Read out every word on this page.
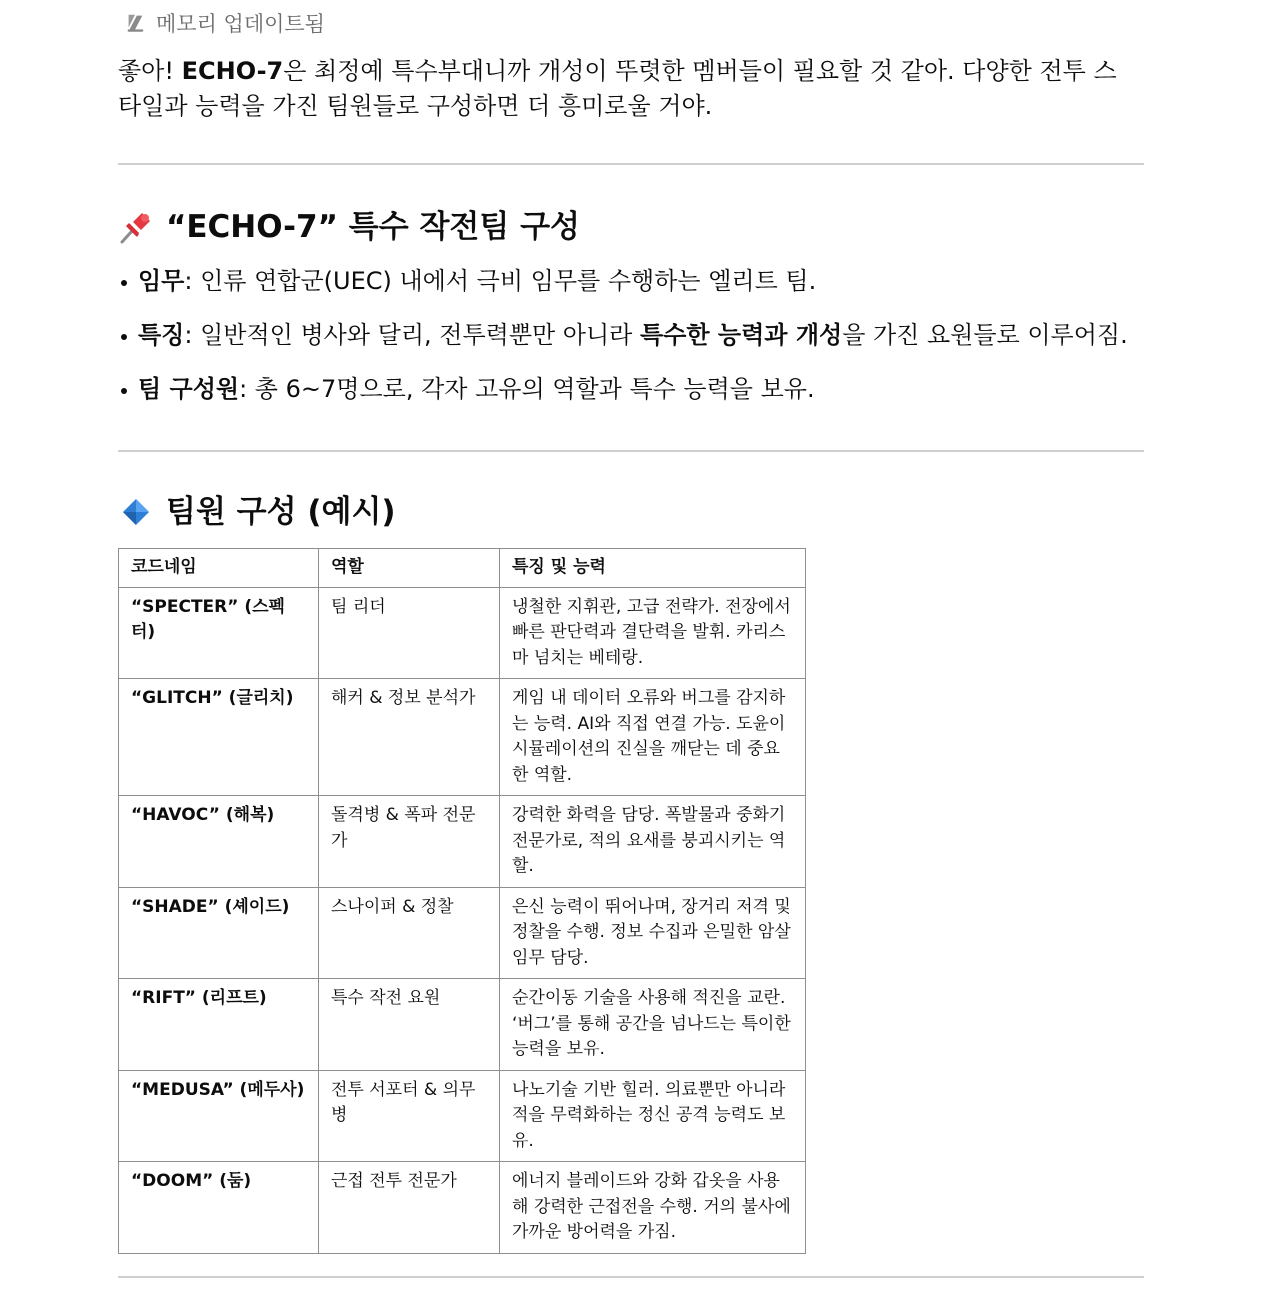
메모리 업데이트됨

좋아! ECHO-7은 최정예 특수부대니까 개성이 뚜렷한 멤버들이 필요할 것 같아. 다양한 전투 스타일과 능력을 가진 팀원들로 구성하면 더 흥미로울 거야.

“ECHO-7” 특수 작전팀 구성
임무: 인류 연합군(UEC) 내에서 극비 임무를 수행하는 엘리트 팀.
특징: 일반적인 병사와 달리, 전투력뿐만 아니라 특수한 능력과 개성을 가진 요원들로 이루어짐.
팀 구성원: 총 6~7명으로, 각자 고유의 역할과 특수 능력을 보유.
팀원 구성 (예시)
코드네임	역할	특징 및 능력
“SPECTER” (스펙터)	팀 리더	냉철한 지휘관, 고급 전략가. 전장에서 빠른 판단력과 결단력을 발휘. 카리스마 넘치는 베테랑.
“GLITCH” (글리치)	해커 & 정보 분석가	게임 내 데이터 오류와 버그를 감지하는 능력. AI와 직접 연결 가능. 도윤이 시뮬레이션의 진실을 깨닫는 데 중요한 역할.
“HAVOC” (해복)	돌격병 & 폭파 전문가	강력한 화력을 담당. 폭발물과 중화기 전문가로, 적의 요새를 붕괴시키는 역할.
“SHADE” (셰이드)	스나이퍼 & 정찰	은신 능력이 뛰어나며, 장거리 저격 및 정찰을 수행. 정보 수집과 은밀한 암살 임무 담당.
“RIFT” (리프트)	특수 작전 요원	순간이동 기술을 사용해 적진을 교란. ‘버그’를 통해 공간을 넘나드는 특이한 능력을 보유.
“MEDUSA” (메두사)	전투 서포터 & 의무병	나노기술 기반 힐러. 의료뿐만 아니라 적을 무력화하는 정신 공격 능력도 보유.
“DOOM” (둠)	근접 전투 전문가	에너지 블레이드와 강화 갑옷을 사용해 강력한 근접전을 수행. 거의 불사에 가까운 방어력을 가짐.
